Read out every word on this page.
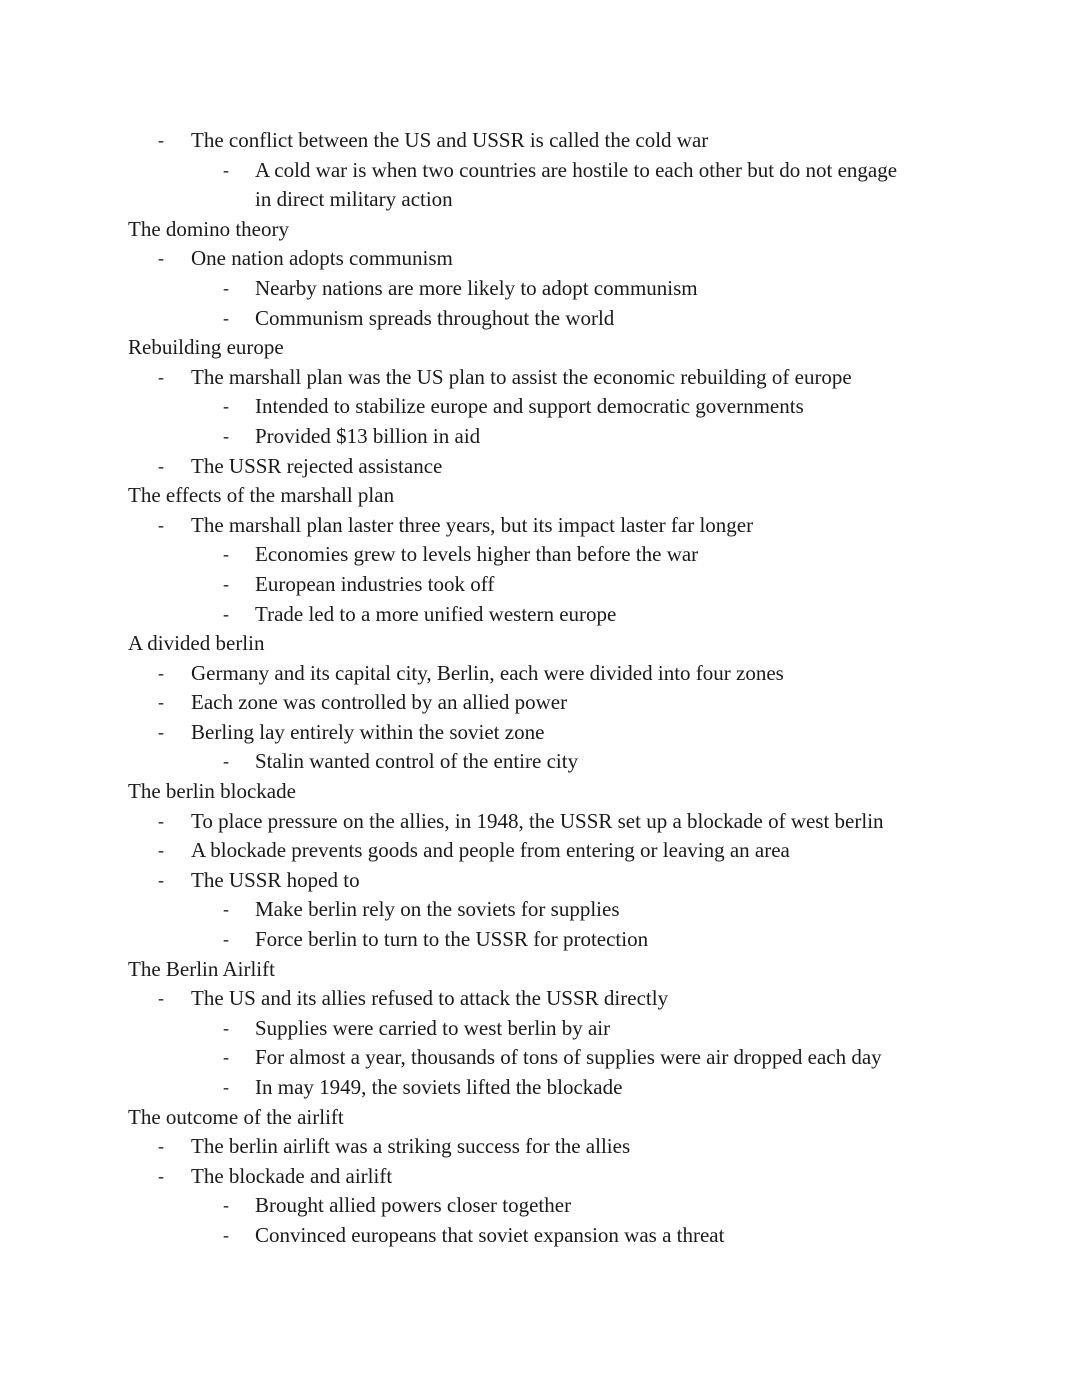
- The conflict between the US and USSR is called the cold war
- A cold war is when two countries are hostile to each other but do not engage
in direct military action
The domino theory
- One nation adopts communism
- Nearby nations are more likely to adopt communism
- Communism spreads throughout the world
Rebuilding europe
- The marshall plan was the US plan to assist the economic rebuilding of europe
- Intended to stabilize europe and support democratic governments
- Provided $13 billion in aid
- The USSR rejected assistance
The effects of the marshall plan
- The marshall plan laster three years, but its impact laster far longer
- Economies grew to levels higher than before the war
- European industries took off
- Trade led to a more unified western europe
A divided berlin
- Germany and its capital city, Berlin, each were divided into four zones
- Each zone was controlled by an allied power
- Berling lay entirely within the soviet zone
- Stalin wanted control of the entire city
The berlin blockade
- To place pressure on the allies, in 1948, the USSR set up a blockade of west berlin
- A blockade prevents goods and people from entering or leaving an area
- The USSR hoped to
- Make berlin rely on the soviets for supplies
- Force berlin to turn to the USSR for protection
The Berlin Airlift
- The US and its allies refused to attack the USSR directly
- Supplies were carried to west berlin by air
- For almost a year, thousands of tons of supplies were air dropped each day
- In may 1949, the soviets lifted the blockade
The outcome of the airlift
- The berlin airlift was a striking success for the allies
- The blockade and airlift
- Brought allied powers closer together
- Convinced europeans that soviet expansion was a threat
